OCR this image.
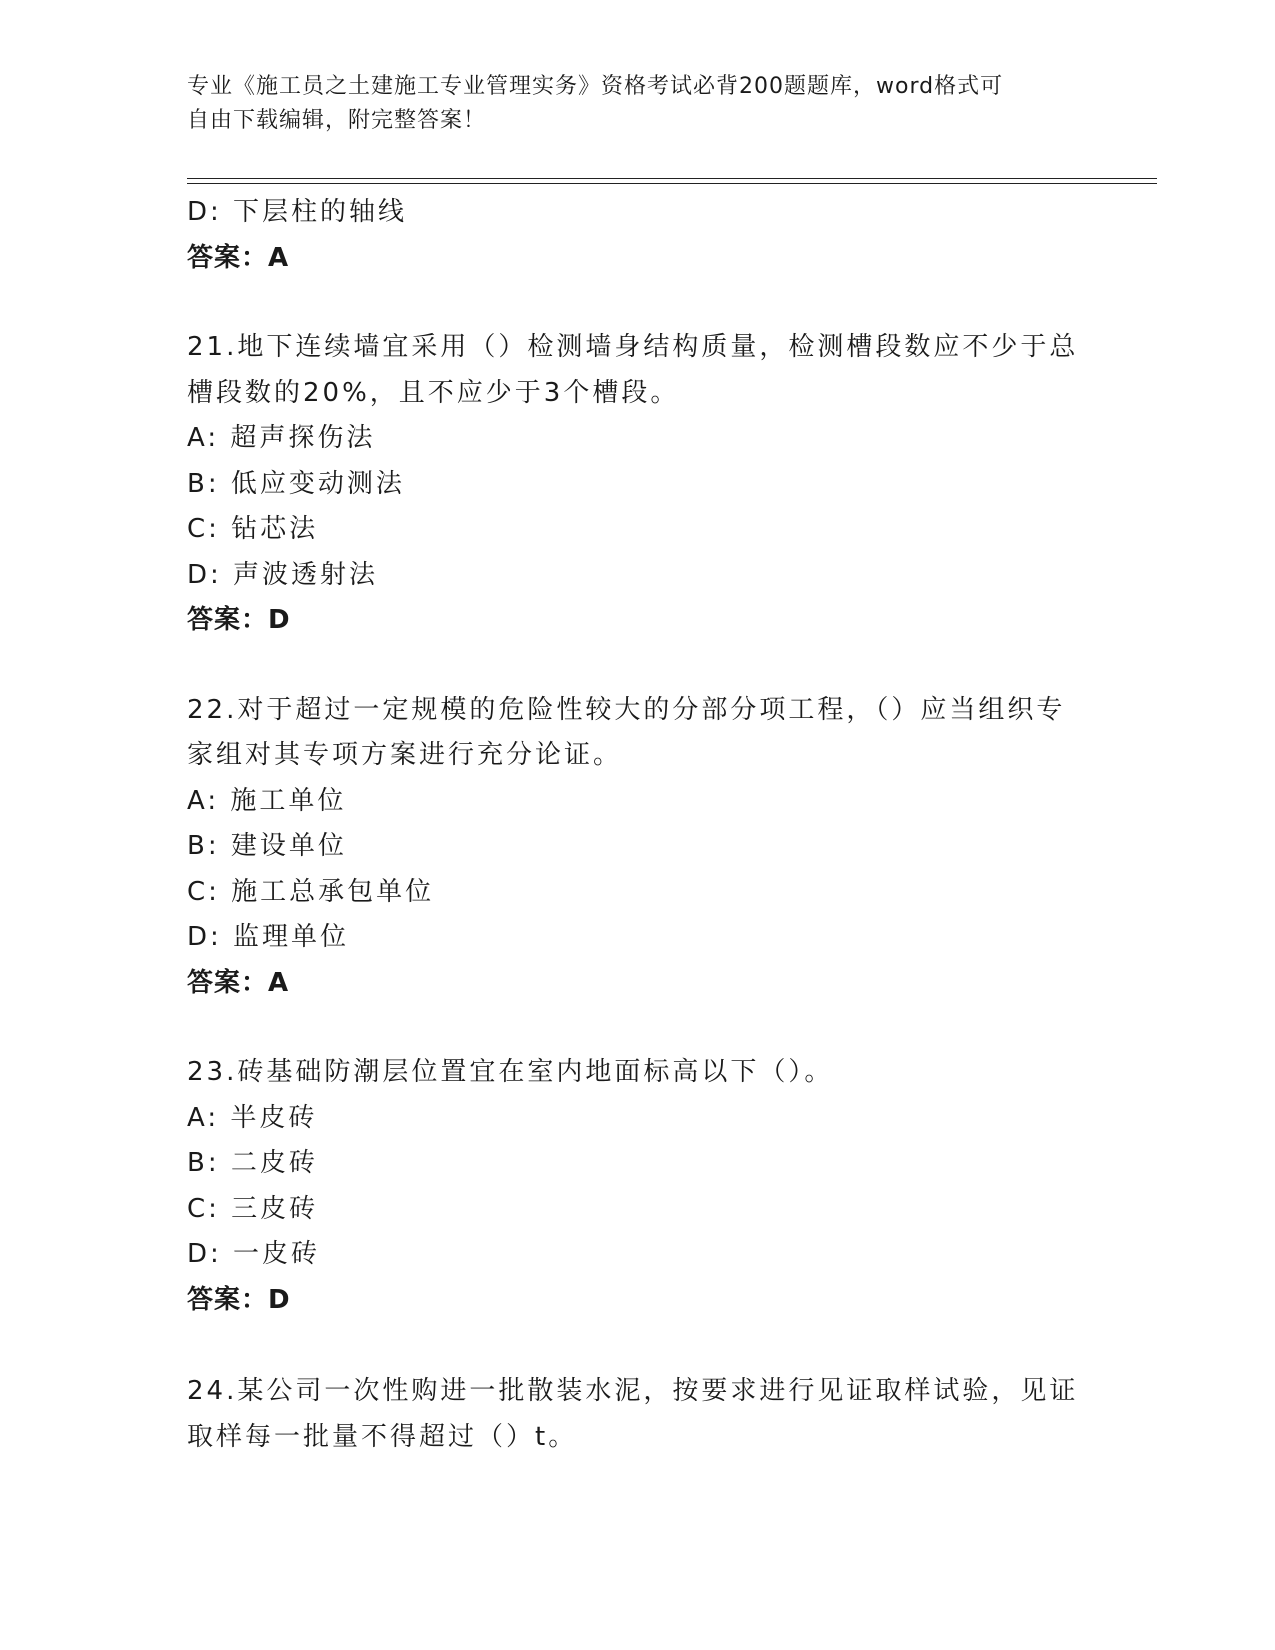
专业《施工员之土建施工专业管理实务》资格考试必背200题题库，word格式可
自由下载编辑，附完整答案！
D: 下层柱的轴线
答案：A
21.地下连续墙宜采用（）检测墙身结构质量，检测槽段数应不少于总
槽段数的20%，且不应少于3个槽段。
A: 超声探伤法
B: 低应变动测法
C: 钻芯法
D: 声波透射法
答案：D
22.对于超过一定规模的危险性较大的分部分项工程，（）应当组织专
家组对其专项方案进行充分论证。
A: 施工单位
B: 建设单位
C: 施工总承包单位
D: 监理单位
答案：A
23.砖基础防潮层位置宜在室内地面标高以下（）。
A: 半皮砖
B: 二皮砖
C: 三皮砖
D: 一皮砖
答案：D
24.某公司一次性购进一批散装水泥，按要求进行见证取样试验，见证
取样每一批量不得超过（）t。
